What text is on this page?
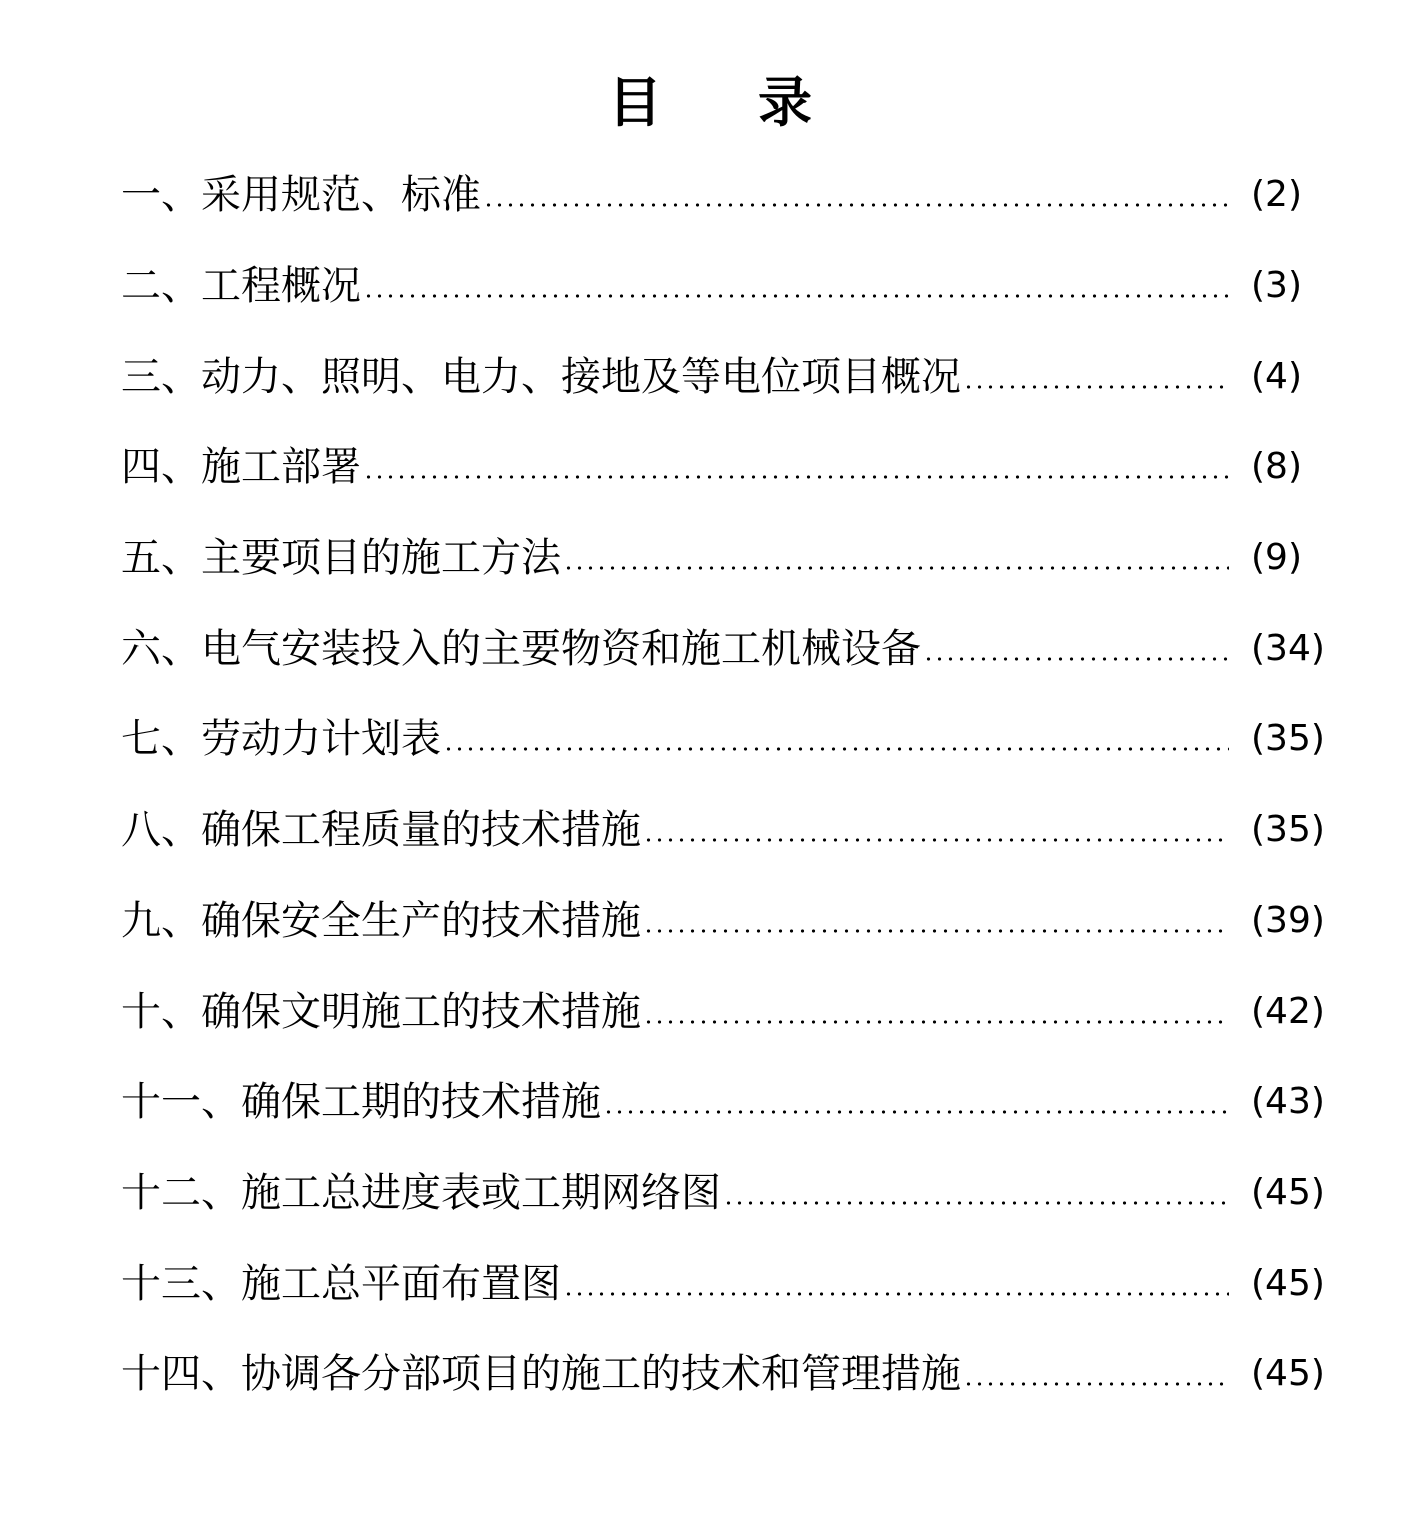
目 录
一、采用规范、标准	(2)
二、工程概况	(3)
三、动力、照明、电力、接地及等电位项目概况	(4)
四、施工部署	(8)
五、主要项目的施工方法	(9)
六、电气安装投入的主要物资和施工机械设备	(34)
七、劳动力计划表	(35)
八、确保工程质量的技术措施	(35)
九、确保安全生产的技术措施	(39)
十、确保文明施工的技术措施	(42)
十一、确保工期的技术措施	(43)
十二、施工总进度表或工期网络图	(45)
十三、施工总平面布置图	(45)
十四、协调各分部项目的施工的技术和管理措施	(45)
